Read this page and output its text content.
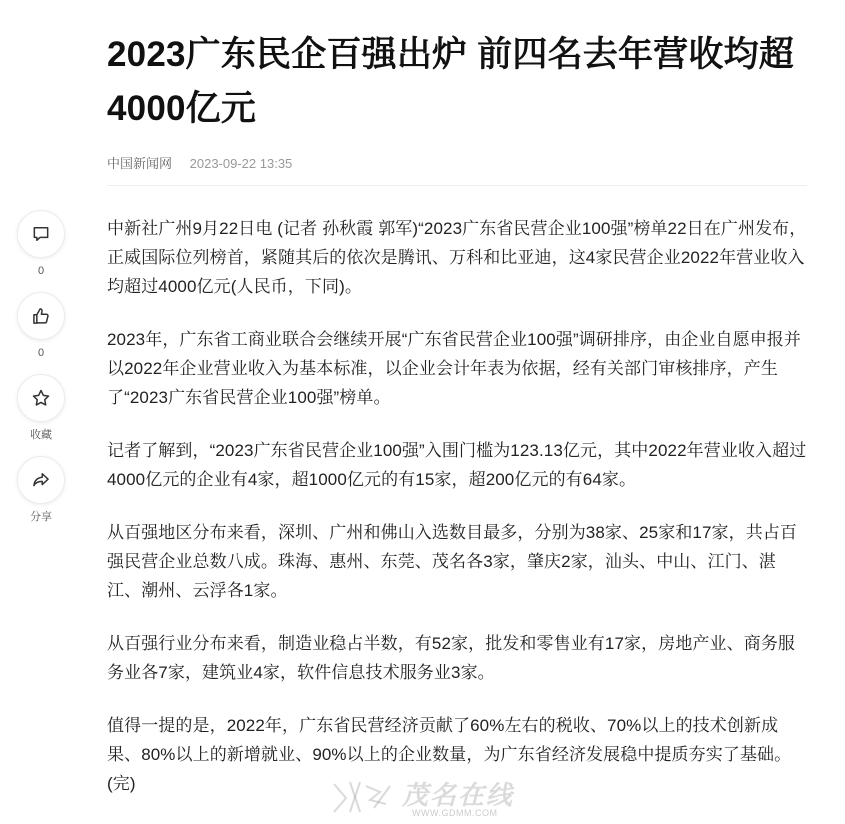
2023广东民企百强出炉 前四名去年营收均超4000亿元
中国新闻网 2023-09-22 13:35
0
0
收藏
分享

中新社广州9月22日电 (记者 孙秋霞 郭军)“2023广东省民营企业100强”榜单22日在广州发布，正威国际位列榜首，紧随其后的依次是腾讯、万科和比亚迪，这4家民营企业2022年营业收入均超过4000亿元(人民币，下同)。

2023年，广东省工商业联合会继续开展“广东省民营企业100强”调研排序，由企业自愿申报并以2022年企业营业收入为基本标准，以企业会计年表为依据，经有关部门审核排序，产生了“2023广东省民营企业100强”榜单。

记者了解到，“2023广东省民营企业100强”入围门槛为123.13亿元，其中2022年营业收入超过4000亿元的企业有4家，超1000亿元的有15家，超200亿元的有64家。

从百强地区分布来看，深圳、广州和佛山入选数目最多，分别为38家、25家和17家，共占百强民营企业总数八成。珠海、惠州、东莞、茂名各3家，肇庆2家，汕头、中山、江门、湛江、潮州、云浮各1家。

从百强行业分布来看，制造业稳占半数，有52家，批发和零售业有17家，房地产业、商务服务业各7家，建筑业4家，软件信息技术服务业3家。

值得一提的是，2022年，广东省民营经济贡献了60%左右的税收、70%以上的技术创新成果、80%以上的新增就业、90%以上的企业数量，为广东省经济发展稳中提质夯实了基础。(完)	茂名在线
WWW.GDMM.COM
